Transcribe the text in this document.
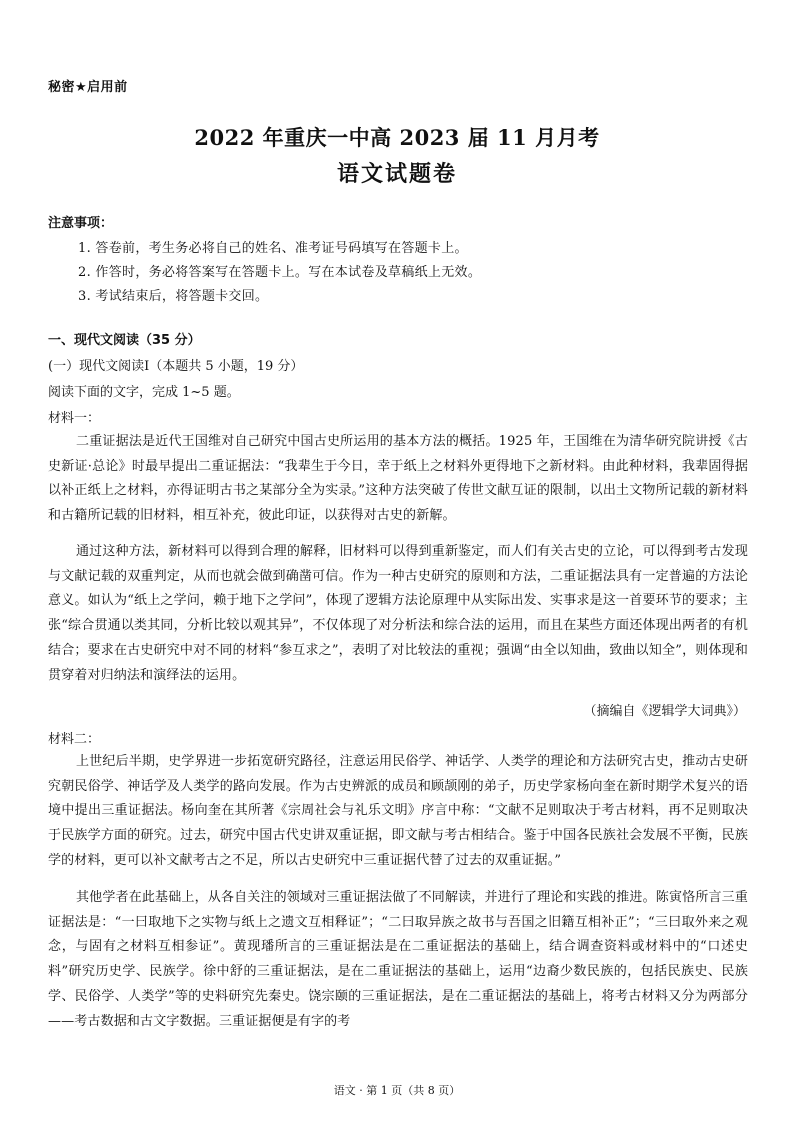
秘密★启用前
2022 年重庆一中高 2023 届 11 月月考
语文试题卷
注意事项：
1. 答卷前，考生务必将自己的姓名、准考证号码填写在答题卡上。
2. 作答时，务必将答案写在答题卡上。写在本试卷及草稿纸上无效。
3. 考试结束后，将答题卡交回。
一、现代文阅读（35 分）
(一）现代文阅读Ⅰ（本题共 5 小题，19 分）
阅读下面的文字，完成 1~5 题。
材料一：
二重证据法是近代王国维对自己研究中国古史所运用的基本方法的概括。1925 年，王国维在为清华研究院讲授《古史新证·总论》时最早提出二重证据法：“我辈生于今日，幸于纸上之材料外更得地下之新材料。由此种材料，我辈固得据以补正纸上之材料，亦得证明古书之某部分全为实录。”这种方法突破了传世文献互证的限制，以出土文物所记载的新材料和古籍所记载的旧材料，相互补充，彼此印证，以获得对古史的新解。
通过这种方法，新材料可以得到合理的解释，旧材料可以得到重新鉴定，而人们有关古史的立论，可以得到考古发现与文献记载的双重判定，从而也就会做到确凿可信。作为一种古史研究的原则和方法，二重证据法具有一定普遍的方法论意义。如认为“纸上之学问，赖于地下之学问”，体现了逻辑方法论原理中从实际出发、实事求是这一首要环节的要求；主张“综合贯通以类其同，分析比较以观其异”，不仅体现了对分析法和综合法的运用，而且在某些方面还体现出两者的有机结合；要求在古史研究中对不同的材料“参互求之”，表明了对比较法的重视；强调“由全以知曲，致曲以知全”，则体现和贯穿着对归纳法和演绎法的运用。
（摘编自《逻辑学大词典》）
材料二：
上世纪后半期，史学界进一步拓宽研究路径，注意运用民俗学、神话学、人类学的理论和方法研究古史，推动古史研究朝民俗学、神话学及人类学的路向发展。作为古史辨派的成员和顾颉刚的弟子，历史学家杨向奎在新时期学术复兴的语境中提出三重证据法。杨向奎在其所著《宗周社会与礼乐文明》序言中称：“文献不足则取决于考古材料，再不足则取决于民族学方面的研究。过去，研究中国古代史讲双重证据，即文献与考古相结合。鉴于中国各民族社会发展不平衡，民族学的材料，更可以补文献考古之不足，所以古史研究中三重证据代替了过去的双重证据。”
其他学者在此基础上，从各自关注的领域对三重证据法做了不同解读，并进行了理论和实践的推进。陈寅恪所言三重证据法是：“一曰取地下之实物与纸上之遗文互相释证”；“二曰取异族之故书与吾国之旧籍互相补正”；“三曰取外来之观念，与固有之材料互相参证”。黄现璠所言的三重证据法是在二重证据法的基础上，结合调查资料或材料中的“口述史料”研究历史学、民族学。徐中舒的三重证据法，是在二重证据法的基础上，运用“边裔少数民族的，包括民族史、民族学、民俗学、人类学”等的史料研究先秦史。饶宗颐的三重证据法，是在二重证据法的基础上，将考古材料又分为两部分——考古数据和古文字数据。三重证据便是有字的考
语文 · 第 1 页（共 8 页）
